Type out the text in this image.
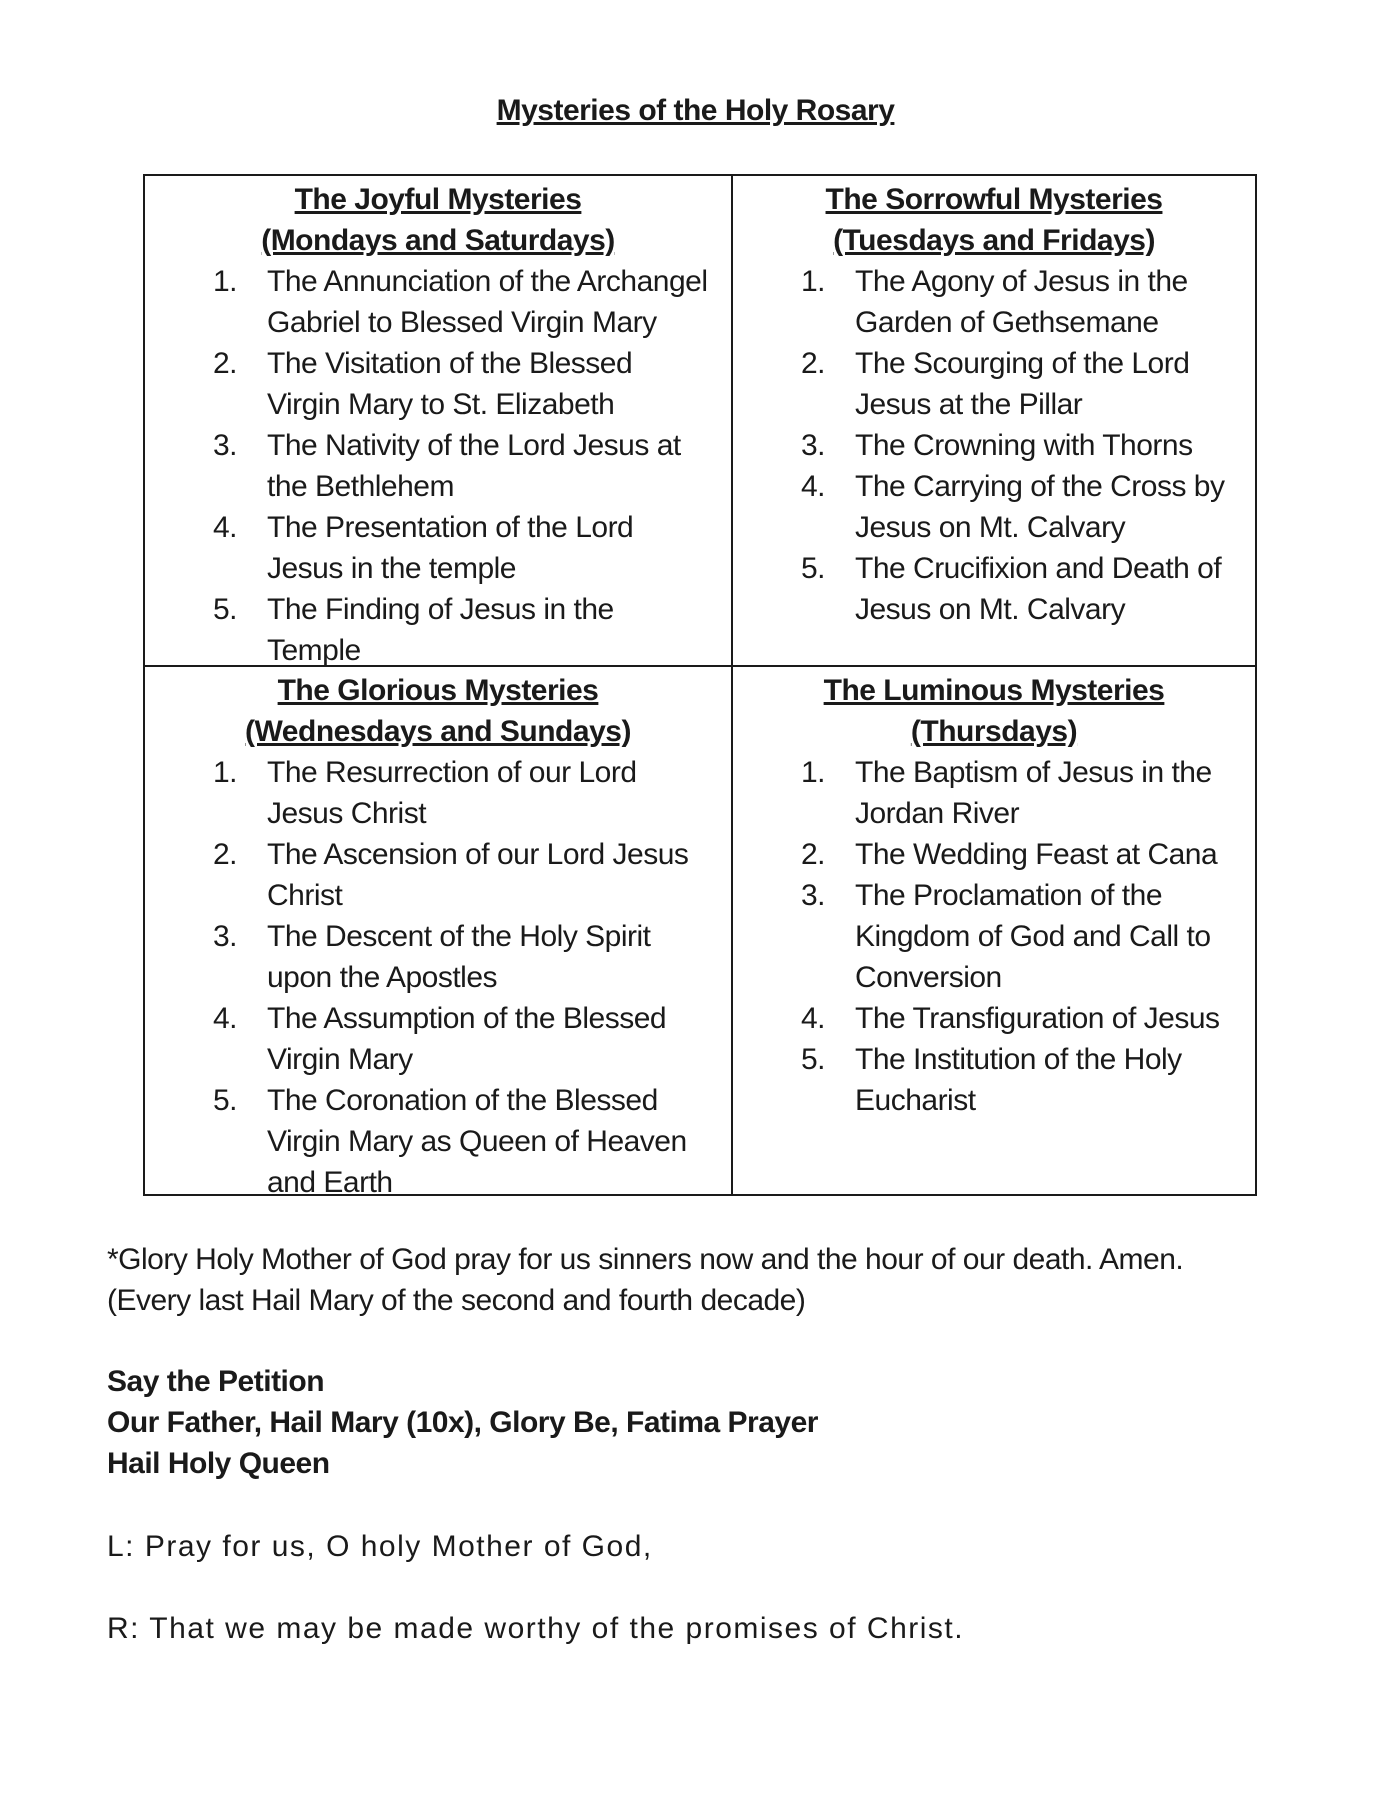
Mysteries of the Holy Rosary
The Joyful Mysteries
(Mondays and Saturdays)
1. The Annunciation of the Archangel
Gabriel to Blessed Virgin Mary
2. The Visitation of the Blessed
Virgin Mary to St. Elizabeth
3. The Nativity of the Lord Jesus at
the Bethlehem
4. The Presentation of the Lord
Jesus in the temple
5. The Finding of Jesus in the
Temple
The Sorrowful Mysteries
(Tuesdays and Fridays)
1. The Agony of Jesus in the
Garden of Gethsemane
2. The Scourging of the Lord
Jesus at the Pillar
3. The Crowning with Thorns
4. The Carrying of the Cross by
Jesus on Mt. Calvary
5. The Crucifixion and Death of
Jesus on Mt. Calvary
The Glorious Mysteries
(Wednesdays and Sundays)
1. The Resurrection of our Lord
Jesus Christ
2. The Ascension of our Lord Jesus
Christ
3. The Descent of the Holy Spirit
upon the Apostles
4. The Assumption of the Blessed
Virgin Mary
5. The Coronation of the Blessed
Virgin Mary as Queen of Heaven
and Earth
The Luminous Mysteries
(Thursdays)
1. The Baptism of Jesus in the
Jordan River
2. The Wedding Feast at Cana
3. The Proclamation of the
Kingdom of God and Call to
Conversion
4. The Transfiguration of Jesus
5. The Institution of the Holy
Eucharist
*Glory Holy Mother of God pray for us sinners now and the hour of our death. Amen.
(Every last Hail Mary of the second and fourth decade)
Say the Petition
Our Father, Hail Mary (10x), Glory Be, Fatima Prayer
Hail Holy Queen
L: Pray for us, O holy Mother of God,
R: That we may be made worthy of the promises of Christ.
